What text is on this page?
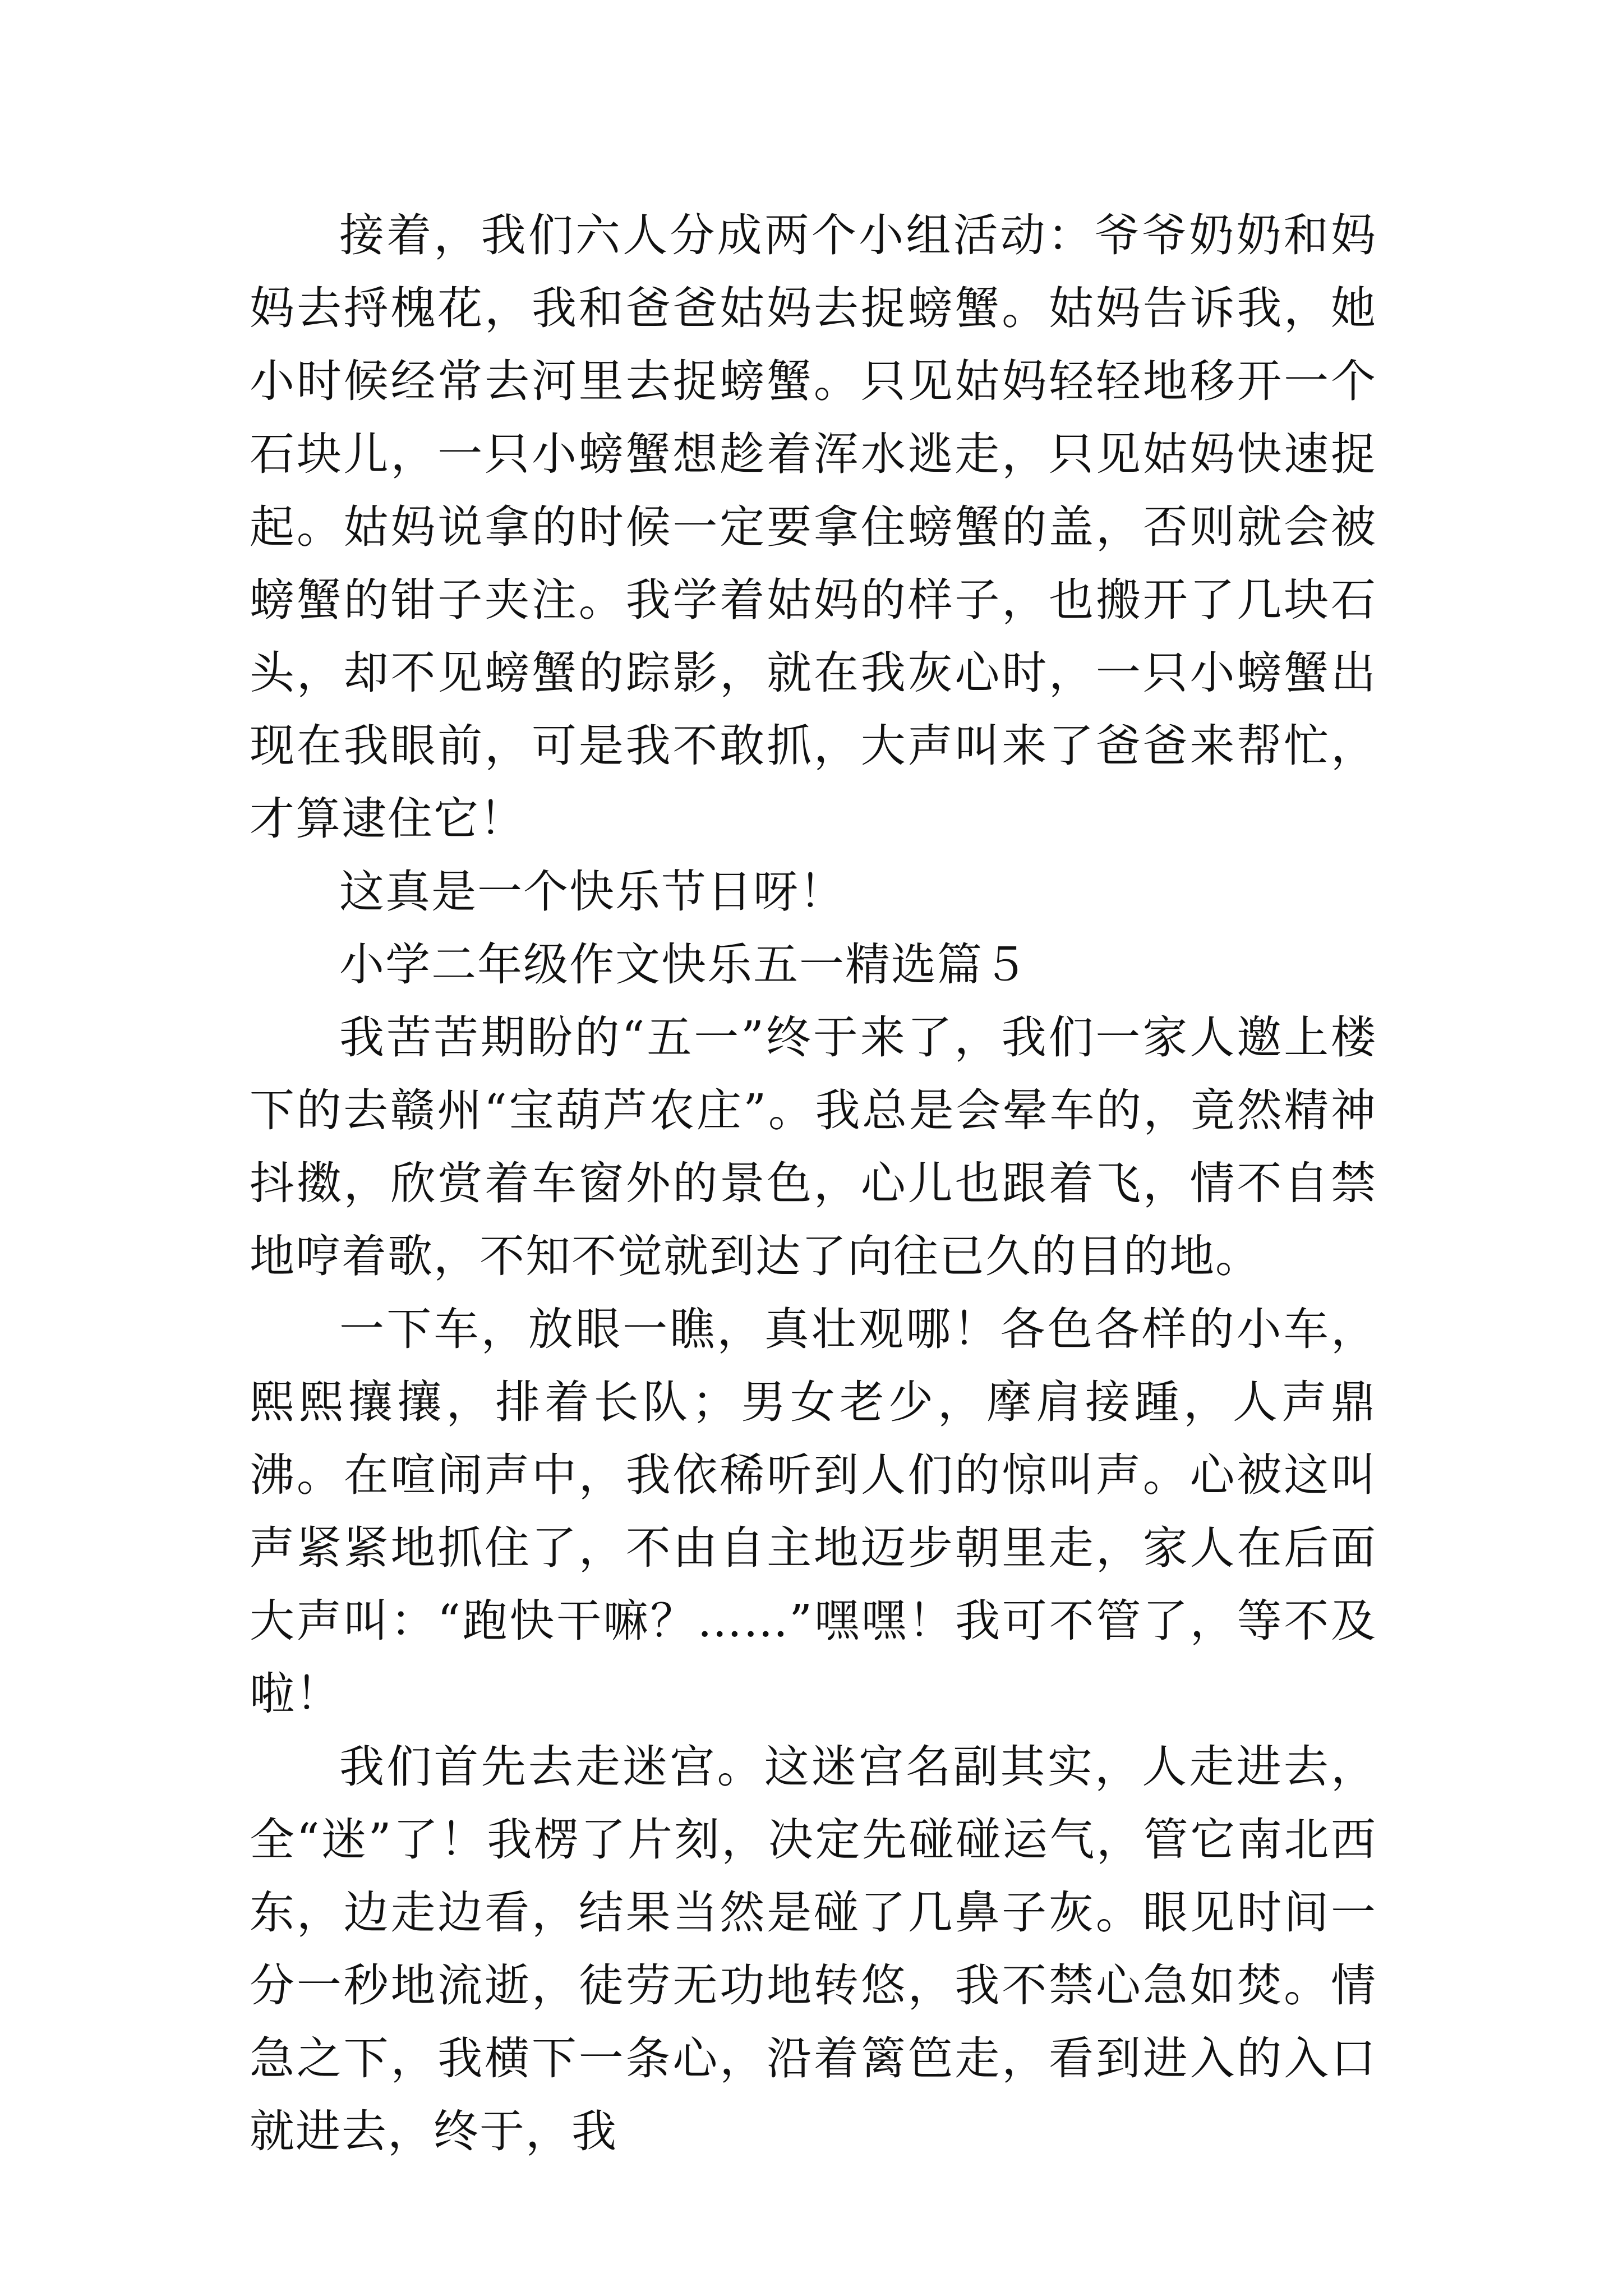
接着，我们六人分成两个小组活动：爷爷奶奶和妈妈去捋槐花，我和爸爸姑妈去捉螃蟹。姑妈告诉我，她小时候经常去河里去捉螃蟹。只见姑妈轻轻地移开一个石块儿，一只小螃蟹想趁着浑水逃走，只见姑妈快速捉起。姑妈说拿的时候一定要拿住螃蟹的盖，否则就会被螃蟹的钳子夹注。我学着姑妈的样子，也搬开了几块石头，却不见螃蟹的踪影，就在我灰心时，一只小螃蟹出现在我眼前，可是我不敢抓，大声叫来了爸爸来帮忙，才算逮住它！

这真是一个快乐节日呀！

小学二年级作文快乐五一精选篇５

我苦苦期盼的“五一”终于来了，我们一家人邀上楼下的去赣州“宝葫芦农庄”。我总是会晕车的，竟然精神抖擞，欣赏着车窗外的景色，心儿也跟着飞，情不自禁地哼着歌，不知不觉就到达了向往已久的目的地。

一下车，放眼一瞧，真壮观哪！各色各样的小车，熙熙攘攘，排着长队；男女老少，摩肩接踵，人声鼎沸。在喧闹声中，我依稀听到人们的惊叫声。心被这叫声紧紧地抓住了，不由自主地迈步朝里走，家人在后面大声叫：“跑快干嘛？……”嘿嘿！我可不管了，等不及啦！

我们首先去走迷宫。这迷宫名副其实，人走进去，全“迷”了！我楞了片刻，决定先碰碰运气，管它南北西东，边走边看，结果当然是碰了几鼻子灰。眼见时间一分一秒地流逝，徒劳无功地转悠，我不禁心急如焚。情急之下，我横下一条心，沿着篱笆走，看到进入的入口就进去，终于，我
